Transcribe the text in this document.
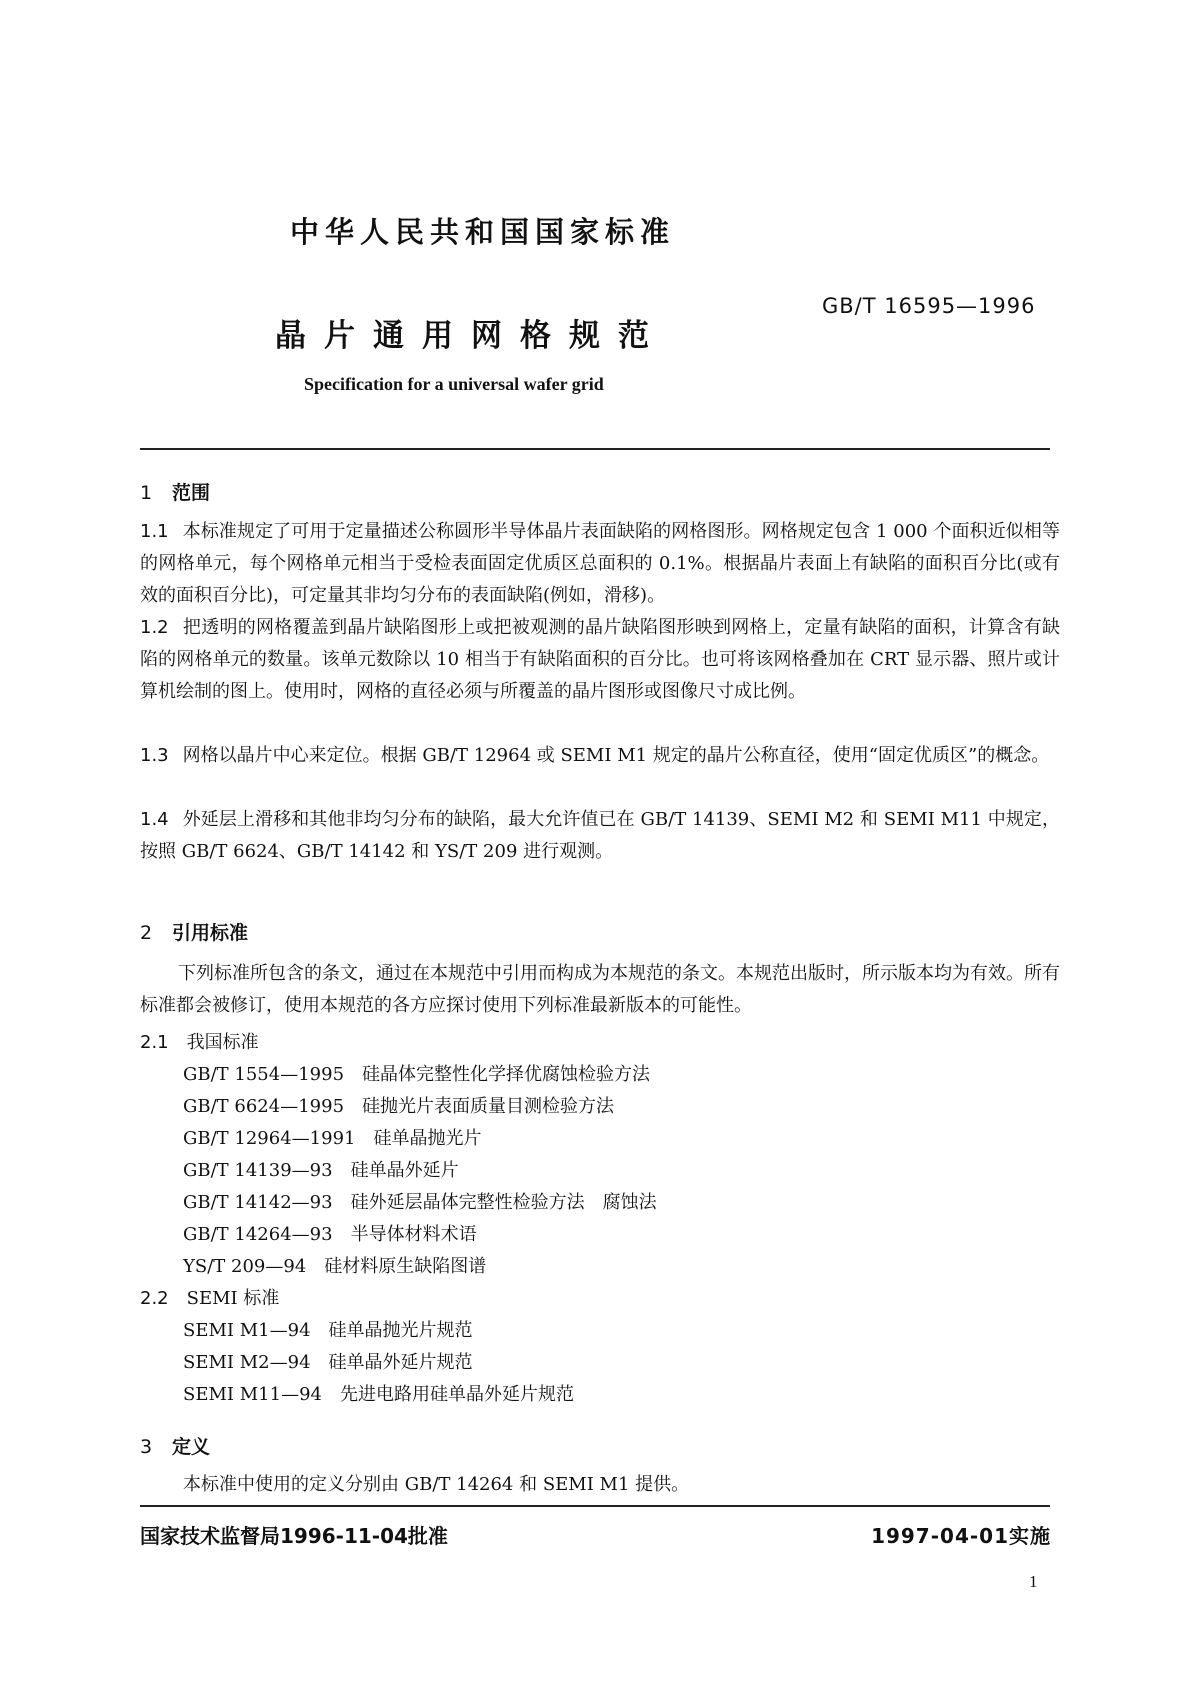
中华人民共和国国家标准
GB/T 16595—1996
晶片通用网格规范
Specification for a universal wafer grid
1 范围
1.1 本标准规定了可用于定量描述公称圆形半导体晶片表面缺陷的网格图形。网格规定包含 1 000 个面积近似相等的网格单元，每个网格单元相当于受检表面固定优质区总面积的 0.1%。根据晶片表面上有缺陷的面积百分比(或有效的面积百分比)，可定量其非均匀分布的表面缺陷(例如，滑移)。
1.2 把透明的网格覆盖到晶片缺陷图形上或把被观测的晶片缺陷图形映到网格上，定量有缺陷的面积，计算含有缺陷的网格单元的数量。该单元数除以 10 相当于有缺陷面积的百分比。也可将该网格叠加在 CRT 显示器、照片或计算机绘制的图上。使用时，网格的直径必须与所覆盖的晶片图形或图像尺寸成比例。
1.3 网格以晶片中心来定位。根据 GB/T 12964 或 SEMI M1 规定的晶片公称直径，使用“固定优质区”的概念。
1.4 外延层上滑移和其他非均匀分布的缺陷，最大允许值已在 GB/T 14139、SEMI M2 和 SEMI M11 中规定，按照 GB/T 6624、GB/T 14142 和 YS/T 209 进行观测。
2 引用标准
下列标准所包含的条文，通过在本规范中引用而构成为本规范的条文。本规范出版时，所示版本均为有效。所有标准都会被修订，使用本规范的各方应探讨使用下列标准最新版本的可能性。
2.1 我国标准
GB/T 1554—1995 硅晶体完整性化学择优腐蚀检验方法
GB/T 6624—1995 硅抛光片表面质量目测检验方法
GB/T 12964—1991 硅单晶抛光片
GB/T 14139—93 硅单晶外延片
GB/T 14142—93 硅外延层晶体完整性检验方法　腐蚀法
GB/T 14264—93 半导体材料术语
YS/T 209—94 硅材料原生缺陷图谱
2.2 SEMI 标准
SEMI M1—94 硅单晶抛光片规范
SEMI M2—94 硅单晶外延片规范
SEMI M11—94 先进电路用硅单晶外延片规范
3 定义
本标准中使用的定义分别由 GB/T 14264 和 SEMI M1 提供。
国家技术监督局1996-11-04批准	1997-04-01实施
1
